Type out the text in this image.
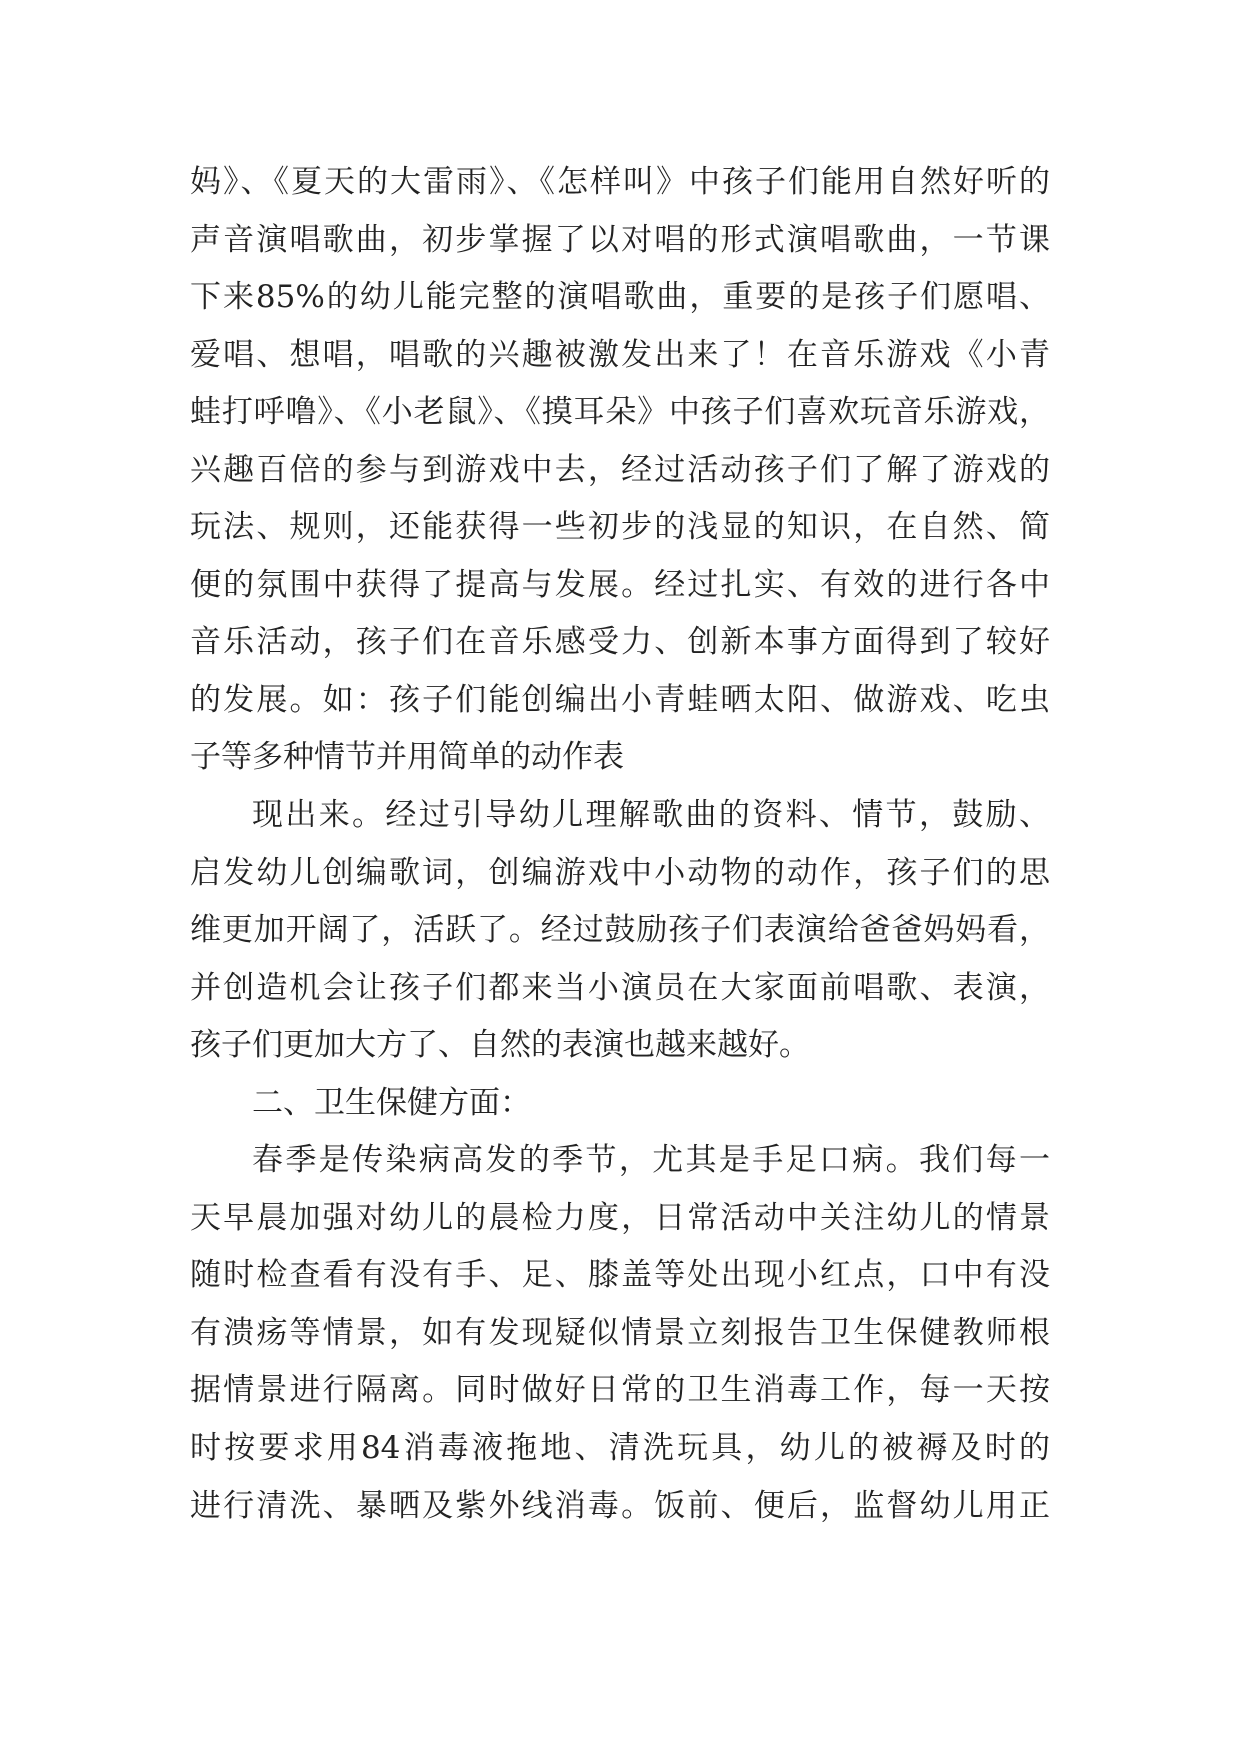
妈》、《夏天的大雷雨》、《怎样叫》中孩子们能用自然好听的
声音演唱歌曲，初步掌握了以对唱的形式演唱歌曲，一节课
下来85%的幼儿能完整的演唱歌曲，重要的是孩子们愿唱、
爱唱、想唱，唱歌的兴趣被激发出来了！在音乐游戏《小青
蛙打呼噜》、《小老鼠》、《摸耳朵》中孩子们喜欢玩音乐游戏，
兴趣百倍的参与到游戏中去，经过活动孩子们了解了游戏的
玩法、规则，还能获得一些初步的浅显的知识，在自然、简
便的氛围中获得了提高与发展。经过扎实、有效的进行各中
音乐活动，孩子们在音乐感受力、创新本事方面得到了较好
的发展。如：孩子们能创编出小青蛙晒太阳、做游戏、吃虫
子等多种情节并用简单的动作表
现出来。经过引导幼儿理解歌曲的资料、情节，鼓励、
启发幼儿创编歌词，创编游戏中小动物的动作，孩子们的思
维更加开阔了，活跃了。经过鼓励孩子们表演给爸爸妈妈看，
并创造机会让孩子们都来当小演员在大家面前唱歌、表演，
孩子们更加大方了、自然的表演也越来越好。
二、卫生保健方面：
春季是传染病高发的季节，尤其是手足口病。我们每一
天早晨加强对幼儿的晨检力度，日常活动中关注幼儿的情景
随时检查看有没有手、足、膝盖等处出现小红点，口中有没
有溃疡等情景，如有发现疑似情景立刻报告卫生保健教师根
据情景进行隔离。同时做好日常的卫生消毒工作，每一天按
时按要求用84消毒液拖地、清洗玩具，幼儿的被褥及时的
进行清洗、暴晒及紫外线消毒。饭前、便后，监督幼儿用正
